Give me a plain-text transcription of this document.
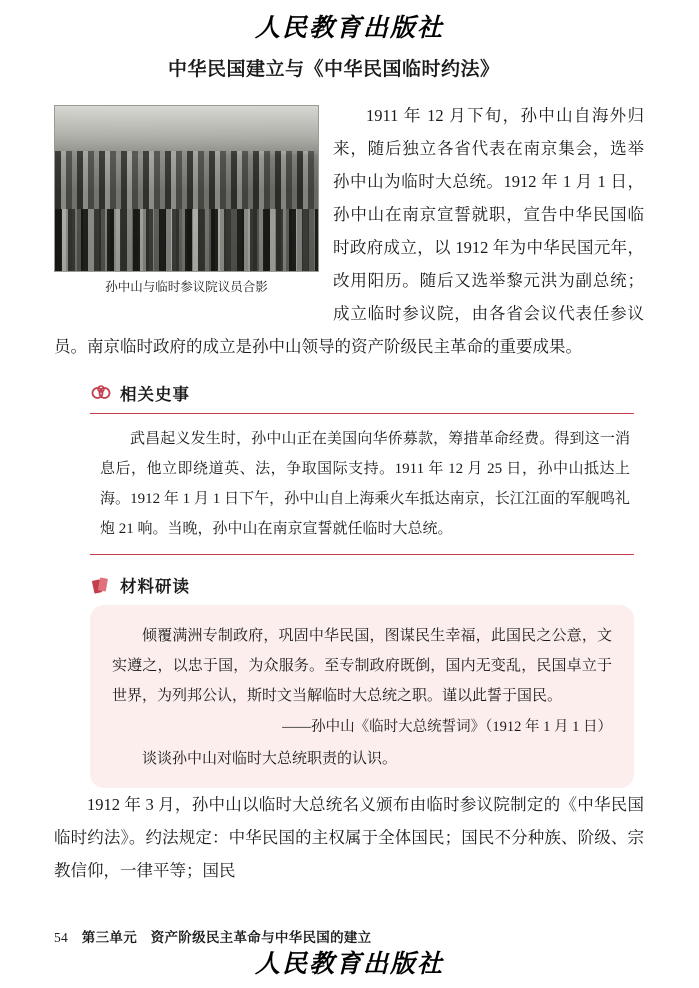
人民教育出版社
中华民国建立与《中华民国临时约法》
孙中山与临时参议院议员合影

1911 年 12 月下旬，孙中山自海外归来，随后独立各省代表在南京集会，选举孙中山为临时大总统。1912 年 1 月 1 日，孙中山在南京宣誓就职，宣告中华民国临时政府成立，以 1912 年为中华民国元年，改用阳历。随后又选举黎元洪为副总统；成立临时参议院，由各省会议代表任参议员。南京临时政府的成立是孙中山领导的资产阶级民主革命的重要成果。

相关史事
武昌起义发生时，孙中山正在美国向华侨募款，筹措革命经费。得到这一消息后，他立即绕道英、法，争取国际支持。1911 年 12 月 25 日，孙中山抵达上海。1912 年 1 月 1 日下午，孙中山自上海乘火车抵达南京，长江江面的军舰鸣礼炮 21 响。当晚，孙中山在南京宣誓就任临时大总统。
材料研读

倾覆满洲专制政府，巩固中华民国，图谋民生幸福，此国民之公意，文实遵之，以忠于国，为众服务。至专制政府既倒，国内无变乱，民国卓立于世界，为列邦公认，斯时文当解临时大总统之职。谨以此誓于国民。

——孙中山《临时大总统誓词》（1912 年 1 月 1 日）

谈谈孙中山对临时大总统职责的认识。

1912 年 3 月，孙中山以临时大总统名义颁布由临时参议院制定的《中华民国临时约法》。约法规定：中华民国的主权属于全体国民；国民不分种族、阶级、宗教信仰，一律平等；国民

54 第三单元 资产阶级民主革命与中华民国的建立
人民教育出版社
